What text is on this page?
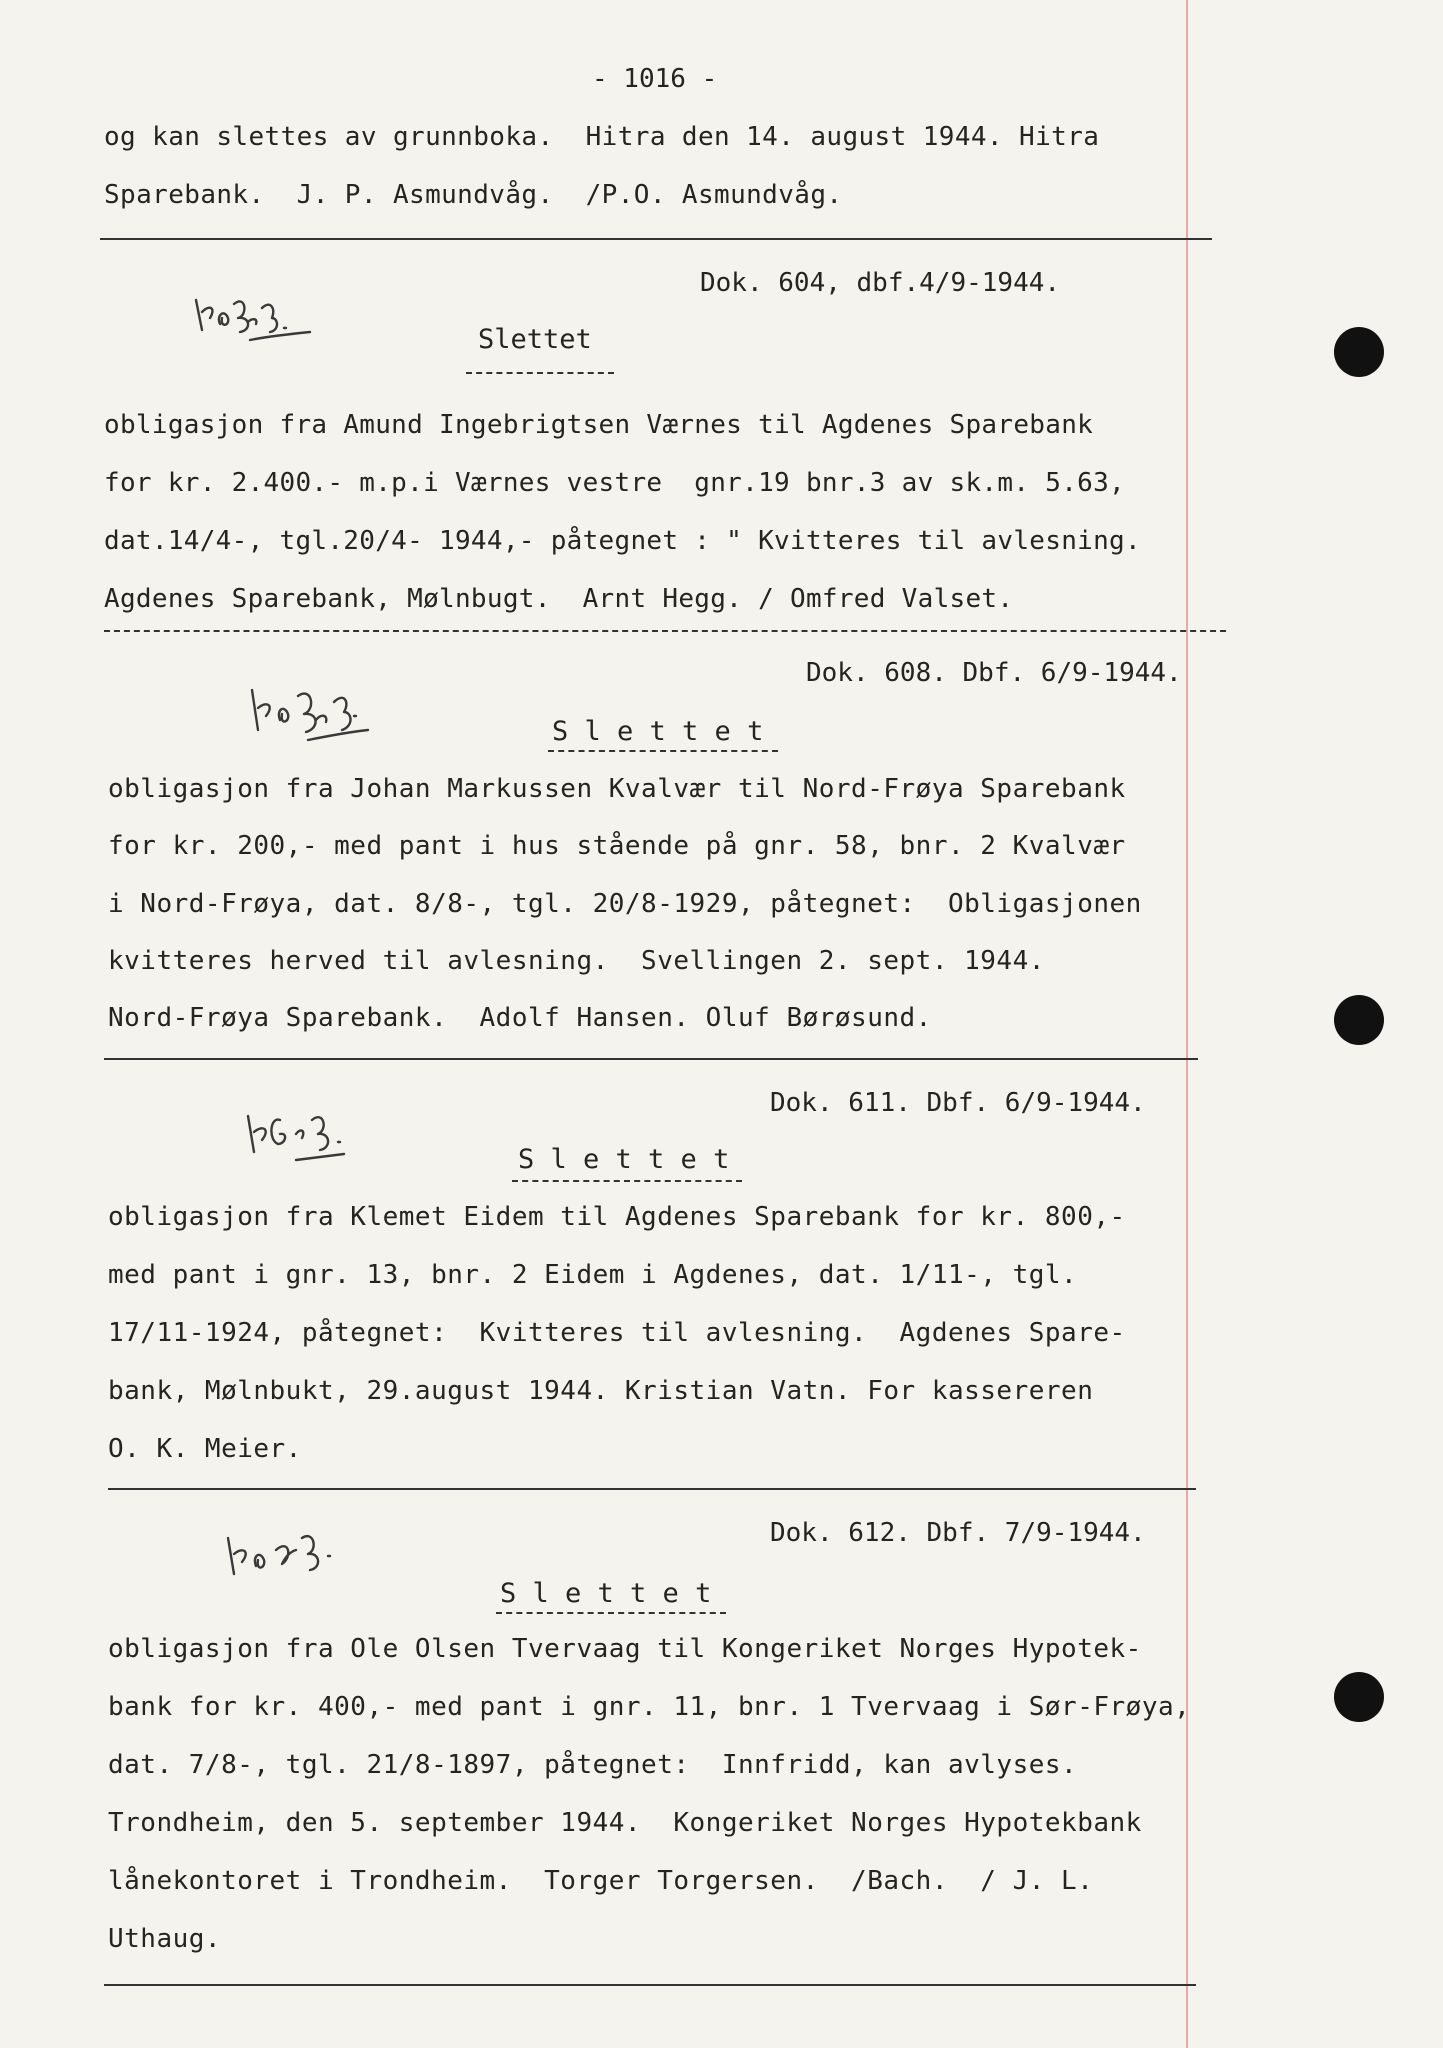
- 1016 -
og kan slettes av grunnboka.  Hitra den 14. august 1944. Hitra
Sparebank.  J. P. Asmundvåg.  /P.O. Asmundvåg.
Dok. 604, dbf.4/9-1944.
Slettet
obligasjon fra Amund Ingebrigtsen Værnes til Agdenes Sparebank
for kr. 2.400.- m.p.i Værnes vestre  gnr.19 bnr.3 av sk.m. 5.63,
dat.14/4-, tgl.20/4- 1944,- påtegnet : " Kvitteres til avlesning.
Agdenes Sparebank, Mølnbugt.  Arnt Hegg. / Omfred Valset.
Dok. 608. Dbf. 6/9-1944.
S l e t t e t
obligasjon fra Johan Markussen Kvalvær til Nord-Frøya Sparebank
for kr. 200,- med pant i hus stående på gnr. 58, bnr. 2 Kvalvær
i Nord-Frøya, dat. 8/8-, tgl. 20/8-1929, påtegnet:  Obligasjonen
kvitteres herved til avlesning.  Svellingen 2. sept. 1944.
Nord-Frøya Sparebank.  Adolf Hansen. Oluf Børøsund.
Dok. 611. Dbf. 6/9-1944.
S l e t t e t
obligasjon fra Klemet Eidem til Agdenes Sparebank for kr. 800,-
med pant i gnr. 13, bnr. 2 Eidem i Agdenes, dat. 1/11-, tgl.
17/11-1924, påtegnet:  Kvitteres til avlesning.  Agdenes Spare-
bank, Mølnbukt, 29.august 1944. Kristian Vatn. For kassereren
O. K. Meier.
Dok. 612. Dbf. 7/9-1944.
S l e t t e t
obligasjon fra Ole Olsen Tvervaag til Kongeriket Norges Hypotek-
bank for kr. 400,- med pant i gnr. 11, bnr. 1 Tvervaag i Sør-Frøya,
dat. 7/8-, tgl. 21/8-1897, påtegnet:  Innfridd, kan avlyses.
Trondheim, den 5. september 1944.  Kongeriket Norges Hypotekbank
lånekontoret i Trondheim.  Torger Torgersen.  /Bach.  / J. L.
Uthaug.
